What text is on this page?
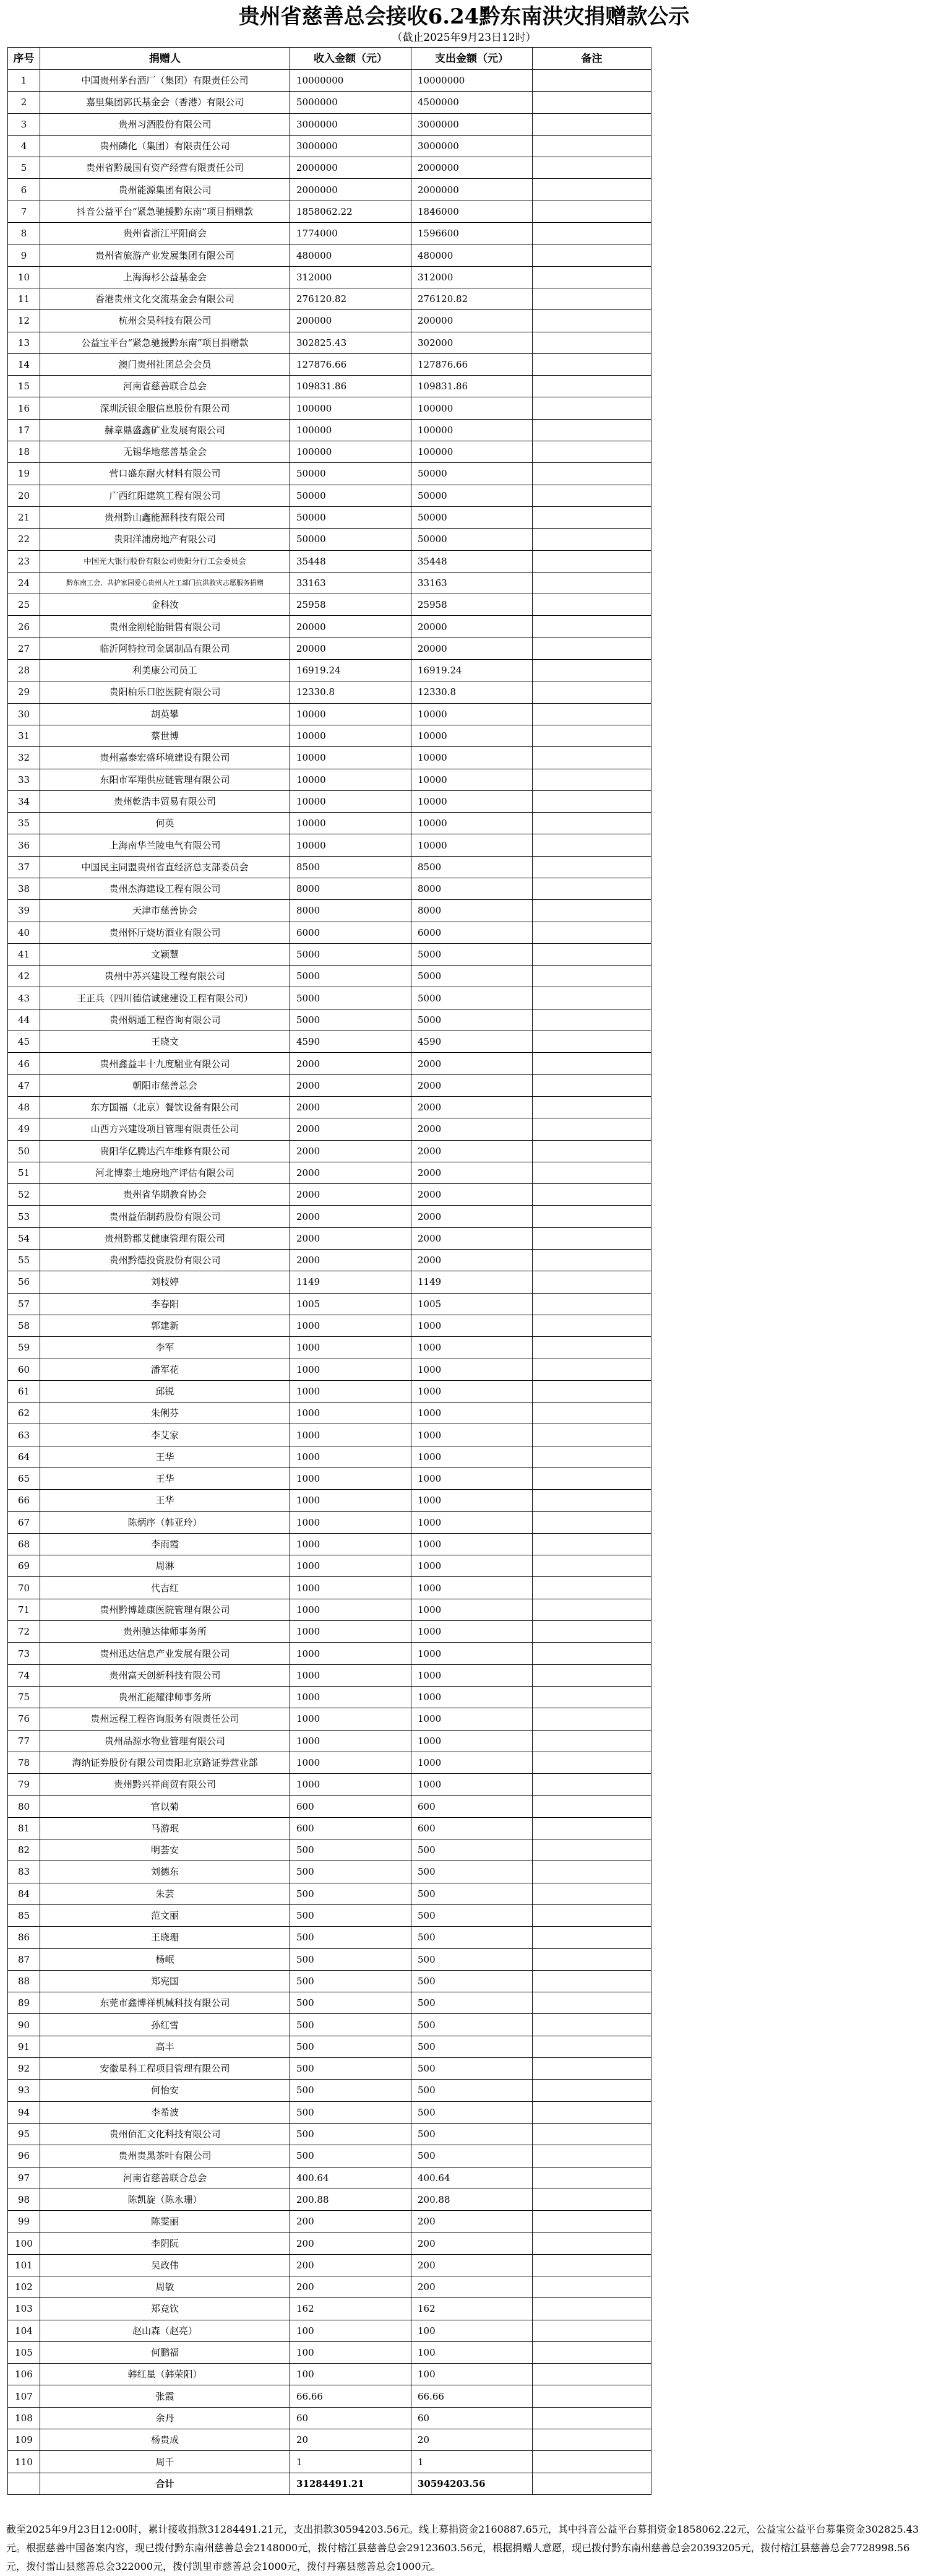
贵州省慈善总会接收6.24黔东南洪灾捐赠款公示
（截止2025年9月23日12时）
序号	捐赠人	收入金额（元）	支出金额（元）	备注
1	中国贵州茅台酒厂（集团）有限责任公司	10000000	10000000	
2	嘉里集团郭氏基金会（香港）有限公司	5000000	4500000	
3	贵州习酒股份有限公司	3000000	3000000	
4	贵州磷化（集团）有限责任公司	3000000	3000000	
5	贵州省黔晟国有资产经营有限责任公司	2000000	2000000	
6	贵州能源集团有限公司	2000000	2000000	
7	抖音公益平台“紧急驰援黔东南”项目捐赠款	1858062.22	1846000	
8	贵州省浙江平阳商会	1774000	1596600	
9	贵州省旅游产业发展集团有限公司	480000	480000	
10	上海海杉公益基金会	312000	312000	
11	香港贵州文化交流基金会有限公司	276120.82	276120.82	
12	杭州会昊科技有限公司	200000	200000	
13	公益宝平台“紧急驰援黔东南”项目捐赠款	302825.43	302000	
14	澳门贵州社团总会会员	127876.66	127876.66	
15	河南省慈善联合总会	109831.86	109831.86	
16	深圳沃银金服信息股份有限公司	100000	100000	
17	赫章鼎盛鑫矿业发展有限公司	100000	100000	
18	无锡华地慈善基金会	100000	100000	
19	营口盛东耐火材料有限公司	50000	50000	
20	广西红阳建筑工程有限公司	50000	50000	
21	贵州黔山鑫能源科技有限公司	50000	50000	
22	贵阳洋浦房地产有限公司	50000	50000	
23	中国光大银行股份有限公司贵阳分行工会委员会	35448	35448	
24	黔东南工会、共护家园爱心贵州人社工部门抗洪救灾志愿服务捐赠	33163	33163	
25	金科汝	25958	25958	
26	贵州金刚轮胎销售有限公司	20000	20000	
27	临沂阿特拉司金属制品有限公司	20000	20000	
28	利美康公司员工	16919.24	16919.24	
29	贵阳柏乐口腔医院有限公司	12330.8	12330.8	
30	胡英攀	10000	10000	
31	蔡世博	10000	10000	
32	贵州嘉泰宏盛环境建设有限公司	10000	10000	
33	东阳市军翔供应链管理有限公司	10000	10000	
34	贵州乾浩丰贸易有限公司	10000	10000	
35	何英	10000	10000	
36	上海南华兰陵电气有限公司	10000	10000	
37	中国民主同盟贵州省直经济总支部委员会	8500	8500	
38	贵州杰海建设工程有限公司	8000	8000	
39	天津市慈善协会	8000	8000	
40	贵州怀厅烧坊酒业有限公司	6000	6000	
41	文颖慧	5000	5000	
42	贵州中苏兴建设工程有限公司	5000	5000	
43	王正兵（四川德信诚建建设工程有限公司）	5000	5000	
44	贵州炳通工程咨询有限公司	5000	5000	
45	王晓文	4590	4590	
46	贵州鑫益丰十九度駔业有限公司	2000	2000	
47	朝阳市慈善总会	2000	2000	
48	东方国福（北京）餐饮设备有限公司	2000	2000	
49	山西方兴建设项目管理有限责任公司	2000	2000	
50	贵阳华亿腾达汽车维修有限公司	2000	2000	
51	河北博泰土地房地产评估有限公司	2000	2000	
52	贵州省华期教育协会	2000	2000	
53	贵州益佰制药股份有限公司	2000	2000	
54	贵州黔郡艾健康管理有限公司	2000	2000	
55	贵州黔德投资股份有限公司	2000	2000	
56	刘枝婷	1149	1149	
57	李春阳	1005	1005	
58	郭建新	1000	1000	
59	李军	1000	1000	
60	潘军花	1000	1000	
61	邱锐	1000	1000	
62	朱俐芬	1000	1000	
63	李艾家	1000	1000	
64	王华	1000	1000	
65	王华	1000	1000	
66	王华	1000	1000	
67	陈炳序（韩亚玲）	1000	1000	
68	李雨霞	1000	1000	
69	周淋	1000	1000	
70	代吉红	1000	1000	
71	贵州黔博雄康医院管理有限公司	1000	1000	
72	贵州驰达律师事务所	1000	1000	
73	贵州迅达信息产业发展有限公司	1000	1000	
74	贵州富天创新科技有限公司	1000	1000	
75	贵州汇能耀律师事务所	1000	1000	
76	贵州远程工程咨询服务有限责任公司	1000	1000	
77	贵州品源水物业管理有限公司	1000	1000	
78	海纳证券股份有限公司贵阳北京路证券营业部	1000	1000	
79	贵州黔兴祥商贸有限公司	1000	1000	
80	官以菊	600	600	
81	马游珉	600	600	
82	明荟安	500	500	
83	刘德东	500	500	
84	朱芸	500	500	
85	范文丽	500	500	
86	王晓珊	500	500	
87	杨岷	500	500	
88	郑宪国	500	500	
89	东莞市鑫博祥机械科技有限公司	500	500	
90	孙红雪	500	500	
91	高丰	500	500	
92	安徽星科工程项目管理有限公司	500	500	
93	何怡安	500	500	
94	李希波	500	500	
95	贵州佰汇文化科技有限公司	500	500	
96	贵州贵黑茶叶有限公司	500	500	
97	河南省慈善联合总会	400.64	400.64	
98	陈凯旋（陈永珊）	200.88	200.88	
99	陈雯丽	200	200	
100	李阴阮	200	200	
101	吴政伟	200	200	
102	周敏	200	200	
103	郑竞钦	162	162	
104	赵山森（赵亮）	100	100	
105	何鹏福	100	100	
106	韩红星（韩荣阳）	100	100	
107	张霞	66.66	66.66	
108	余丹	60	60	
109	杨贵成	20	20	
110	周千	1	1	
	合计	31284491.21	30594203.56	
截至2025年9月23日12:00时，累计接收捐款31284491.21元，支出捐款30594203.56元。线上募捐资金2160887.65元，其中抖音公益平台募捐资金1858062.22元，公益宝公益平台募集资金302825.43元。根据慈善中国备案内容，现已拨付黔东南州慈善总会2148000元，拨付榕江县慈善总会29123603.56元，根据捐赠人意愿，现已拨付黔东南州慈善总会20393205元，拨付榕江县慈善总会7728998.56元，拨付雷山县慈善总会322000元，拨付凯里市慈善总会1000元，拨付丹寨县慈善总会1000元。
